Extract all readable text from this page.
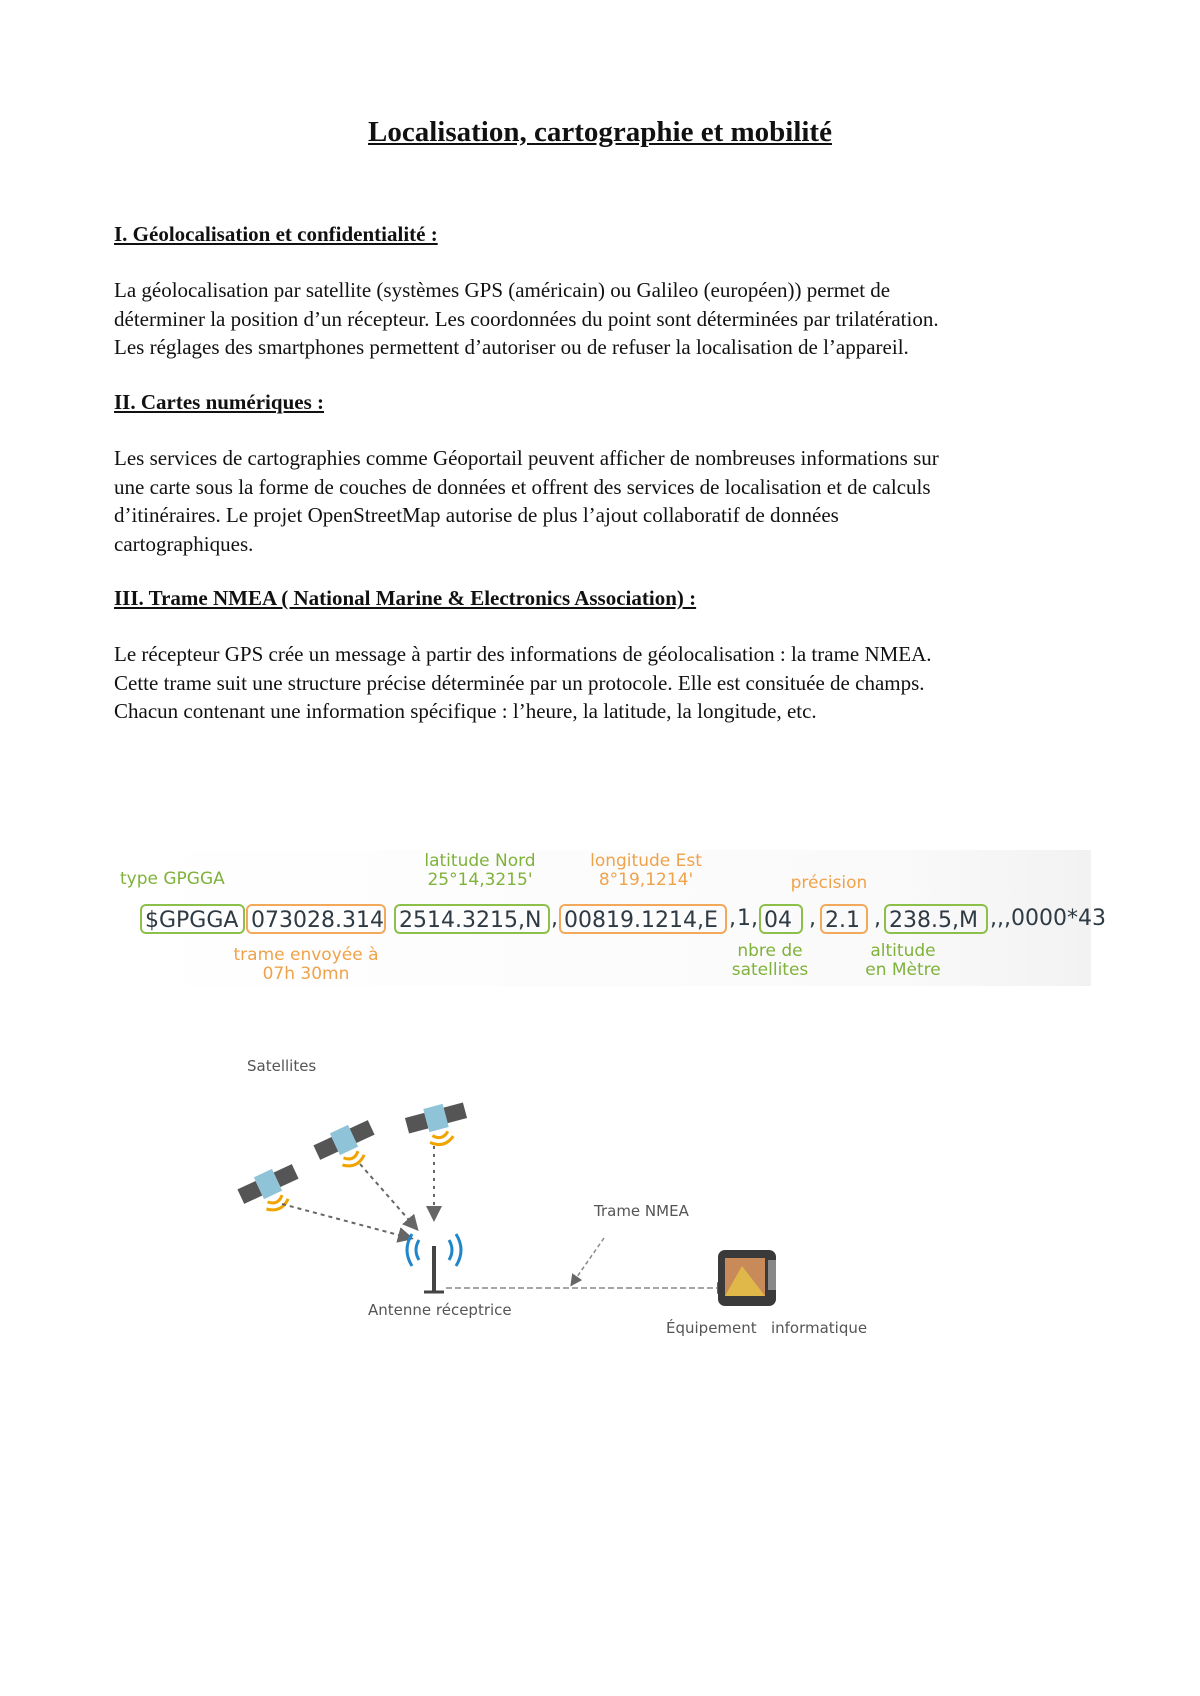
Localisation, cartographie et mobilité
I. Géolocalisation et confidentialité :

La géolocalisation par satellite (systèmes GPS (américain) ou Galileo (européen)) permet de
déterminer la position d’un récepteur. Les coordonnées du point sont déterminées par trilatération.
Les réglages des smartphones permettent d’autoriser ou de refuser la localisation de l’appareil.

II. Cartes numériques :

Les services de cartographies comme Géoportail peuvent afficher de nombreuses informations sur
une carte sous la forme de couches de données et offrent des services de localisation et de calculs
d’itinéraires. Le projet OpenStreetMap autorise de plus l’ajout collaboratif de données
cartographiques.

III. Trame NMEA ( National Marine & Electronics Association) :

Le récepteur GPS crée un message à partir des informations de géolocalisation : la trame NMEA.
Cette trame suit une structure précise déterminée par un protocole. Elle est consituée de champs.
Chacun contenant une information spécifique : l’heure, la latitude, la longitude, etc.

type GPGGA
latitude Nord
25°14,3215'
longitude Est
8°19,1214'	précision
$GPGGA 073028.314 2514.3215,N , 00819.1214,E , 1 , 04 , 2.1 , 238.5,M ,,,0000*43
trame envoyée à
07h 30mn
nbre de
satellites
altitude
en Mètre
Satellites
Trame NMEA
Antenne réceptrice
Équipement   informatique
